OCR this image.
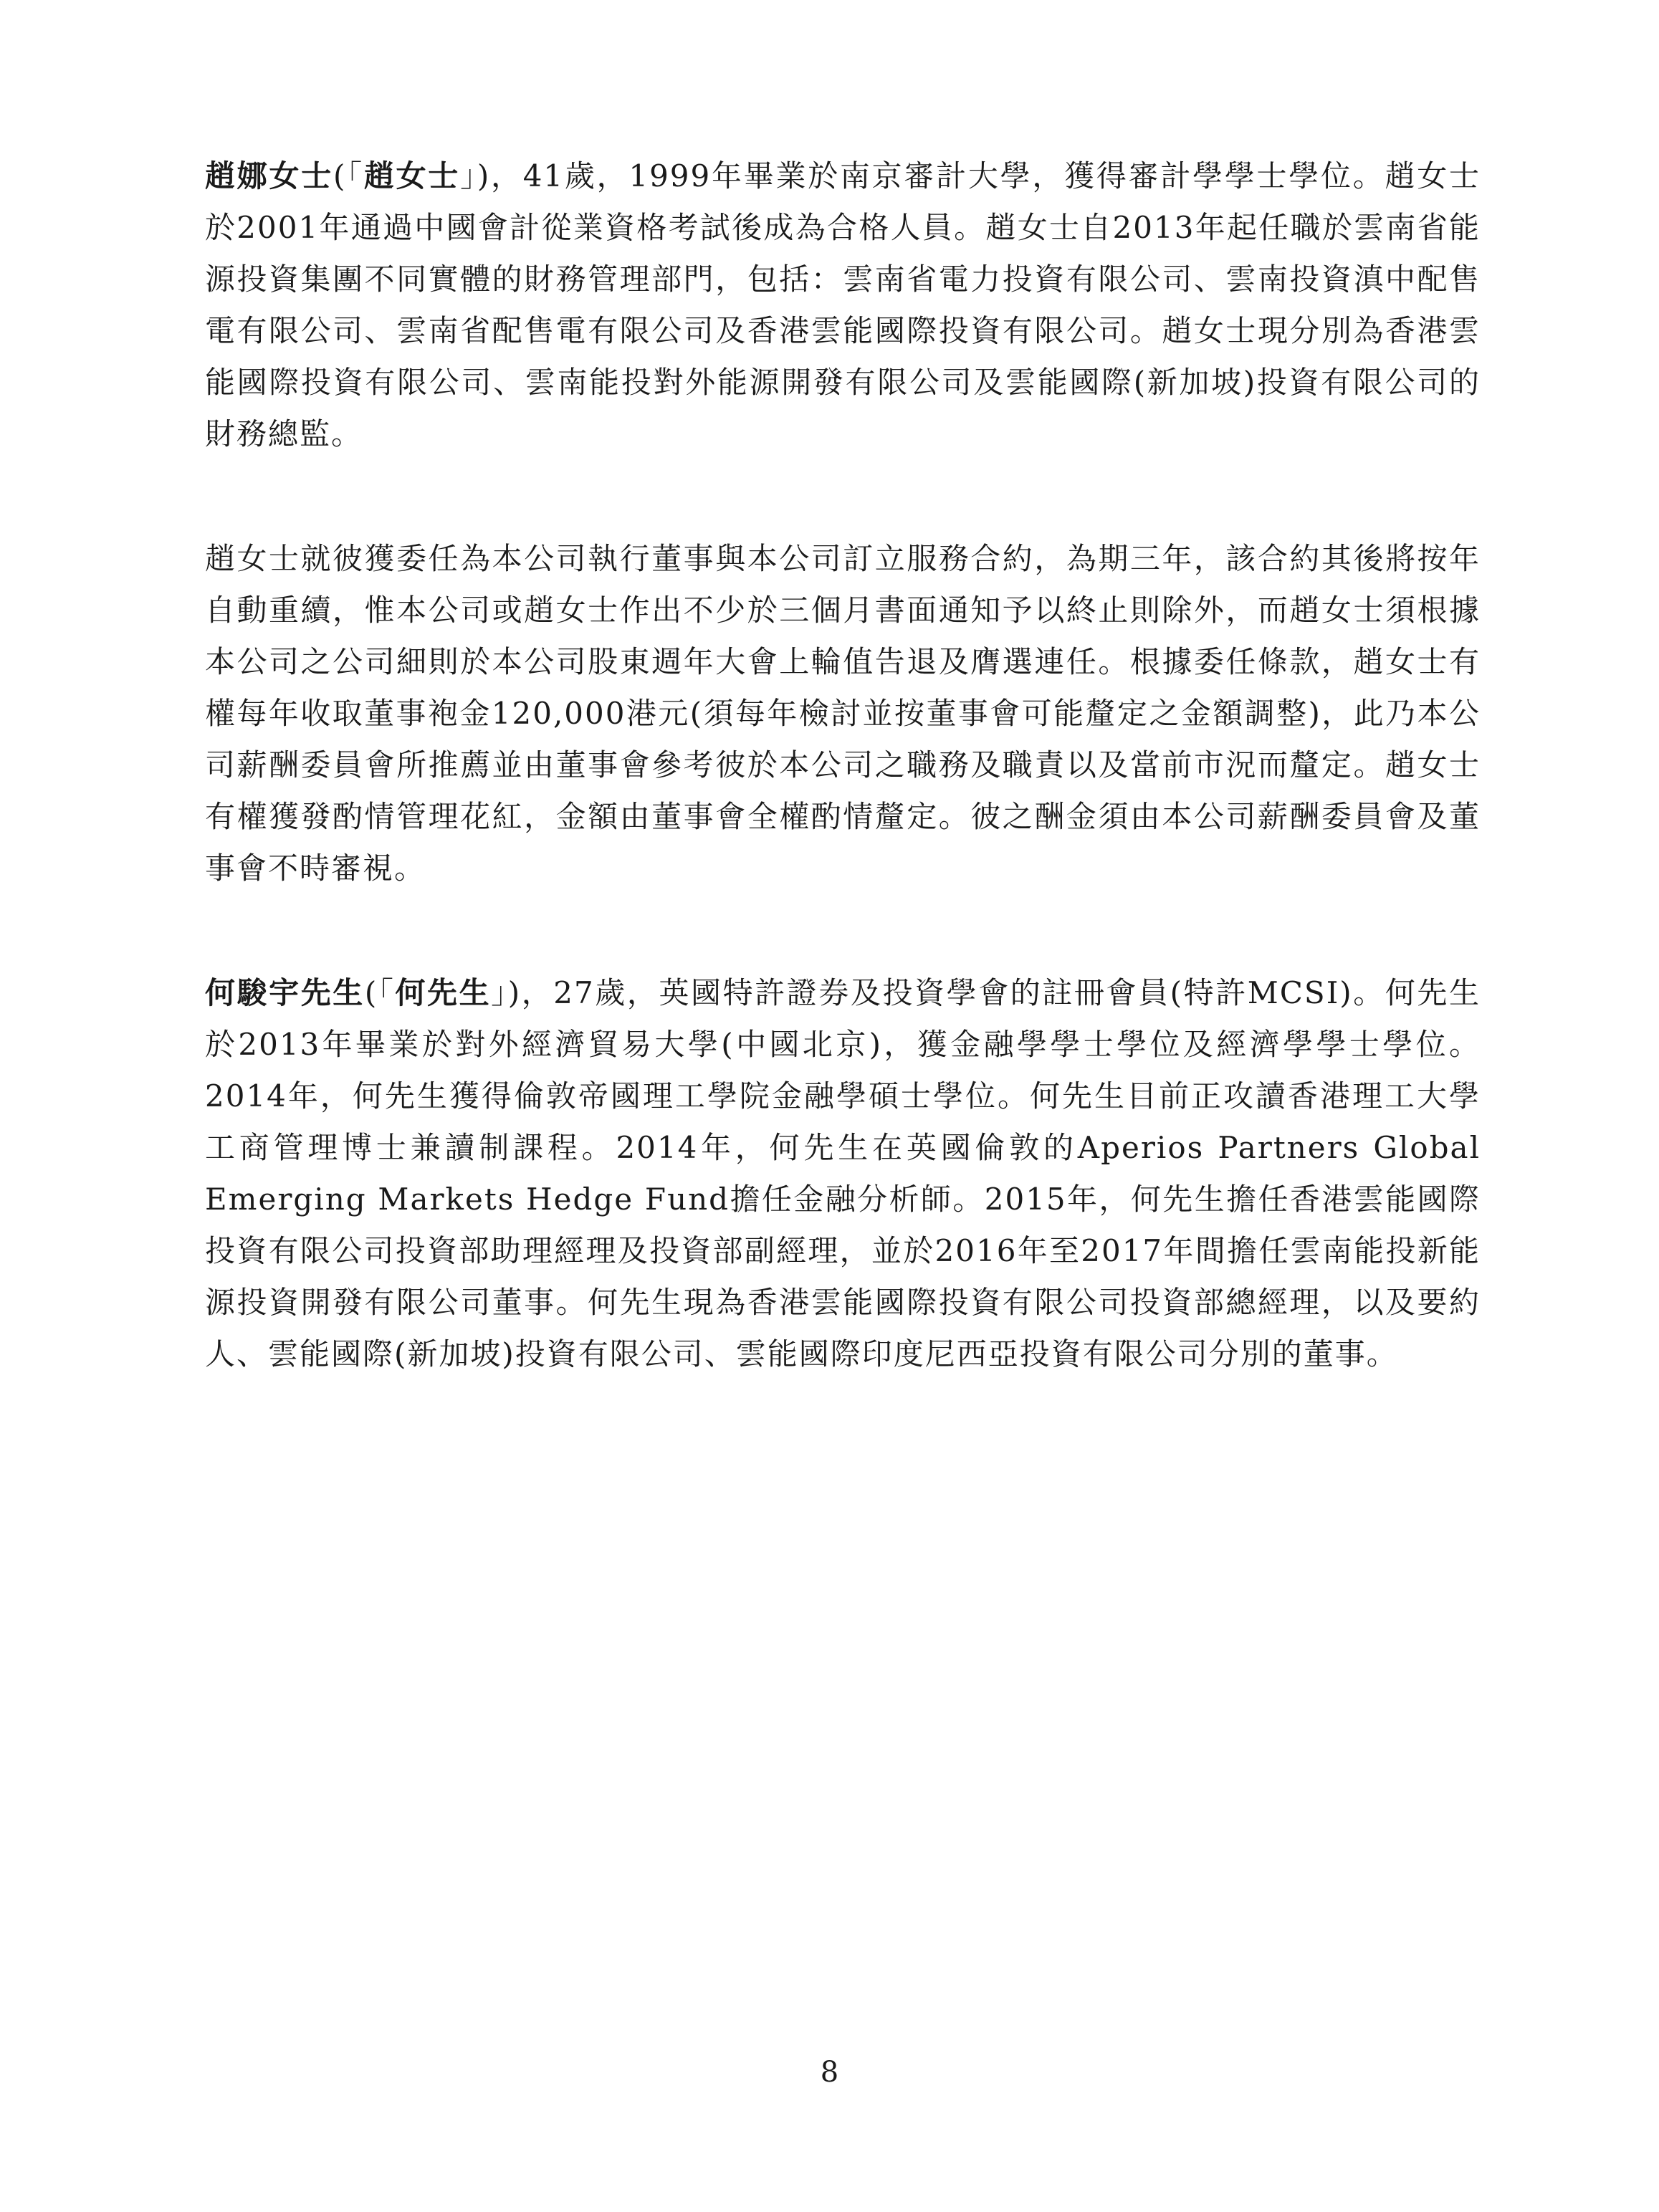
趙娜女士(「趙女士」)，41歲，1999年畢業於南京審計大學，獲得審計學學士學位。趙女士於2001年通過中國會計從業資格考試後成為合格人員。趙女士自2013年起任職於雲南省能源投資集團不同實體的財務管理部門，包括：雲南省電力投資有限公司、雲南投資滇中配售電有限公司、雲南省配售電有限公司及香港雲能國際投資有限公司。趙女士現分別為香港雲能國際投資有限公司、雲南能投對外能源開發有限公司及雲能國際(新加坡)投資有限公司的財務總監。

趙女士就彼獲委任為本公司執行董事與本公司訂立服務合約，為期三年，該合約其後將按年自動重續，惟本公司或趙女士作出不少於三個月書面通知予以終止則除外，而趙女士須根據本公司之公司細則於本公司股東週年大會上輪值告退及膺選連任。根據委任條款，趙女士有權每年收取董事袍金120,000港元(須每年檢討並按董事會可能釐定之金額調整)，此乃本公司薪酬委員會所推薦並由董事會參考彼於本公司之職務及職責以及當前市況而釐定。趙女士有權獲發酌情管理花紅，金額由董事會全權酌情釐定。彼之酬金須由本公司薪酬委員會及董事會不時審視。

何駿宇先生(「何先生」)，27歲，英國特許證券及投資學會的註冊會員(特許MCSI)。何先生於2013年畢業於對外經濟貿易大學(中國北京)，獲金融學學士學位及經濟學學士學位。2014年，何先生獲得倫敦帝國理工學院金融學碩士學位。何先生目前正攻讀香港理工大學工商管理博士兼讀制課程。2014年，何先生在英國倫敦的Aperios Partners Global Emerging Markets Hedge Fund擔任金融分析師。2015年，何先生擔任香港雲能國際投資有限公司投資部助理經理及投資部副經理，並於2016年至2017年間擔任雲南能投新能源投資開發有限公司董事。何先生現為香港雲能國際投資有限公司投資部總經理，以及要約人、雲能國際(新加坡)投資有限公司、雲能國際印度尼西亞投資有限公司分別的董事。

8
